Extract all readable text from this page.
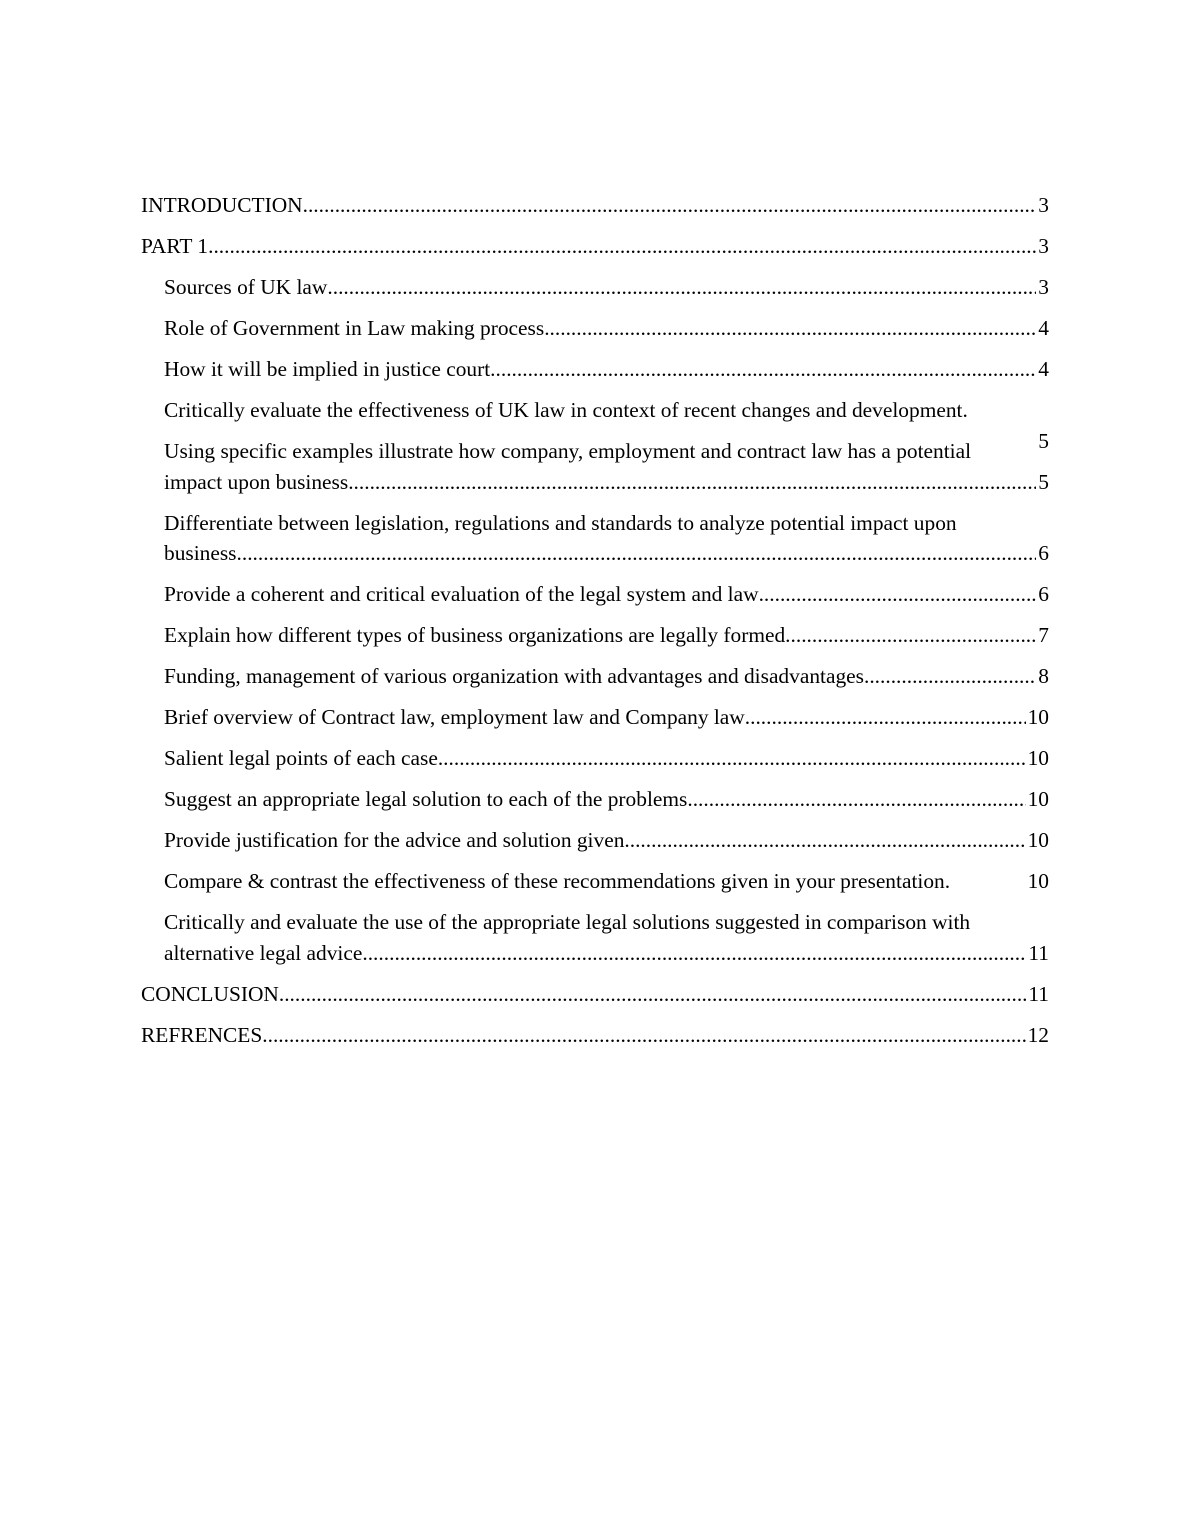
3
INTRODUCTION .....
3
PART 1 .....
3
Sources of UK law .....
4
Role of Government in Law making process .....
4
How it will be implied in justice court .....
Critically evaluate the effectiveness of UK law in context of recent changes and development.
5
Using specific examples illustrate how company, employment and contract law has a potential
5
impact upon business .....
Differentiate between legislation, regulations and standards to analyze potential impact upon
6
business .....
6
Provide a coherent and critical evaluation of the legal system and law .....
7
Explain how different types of business organizations are legally formed .....
8
Funding, management of various organization with advantages and disadvantages .....
10
Brief overview of Contract law, employment law and Company law .....
10
Salient legal points of each case .....
10
Suggest an appropriate legal solution to each of the problems .....
10
Provide justification for the advice and solution given .....
10
Compare & contrast the effectiveness of these recommendations given in your presentation.
Critically and evaluate the use of the appropriate legal solutions suggested in comparison with
11
alternative legal advice .....
11
CONCLUSION .....
12
REFRENCES .....
